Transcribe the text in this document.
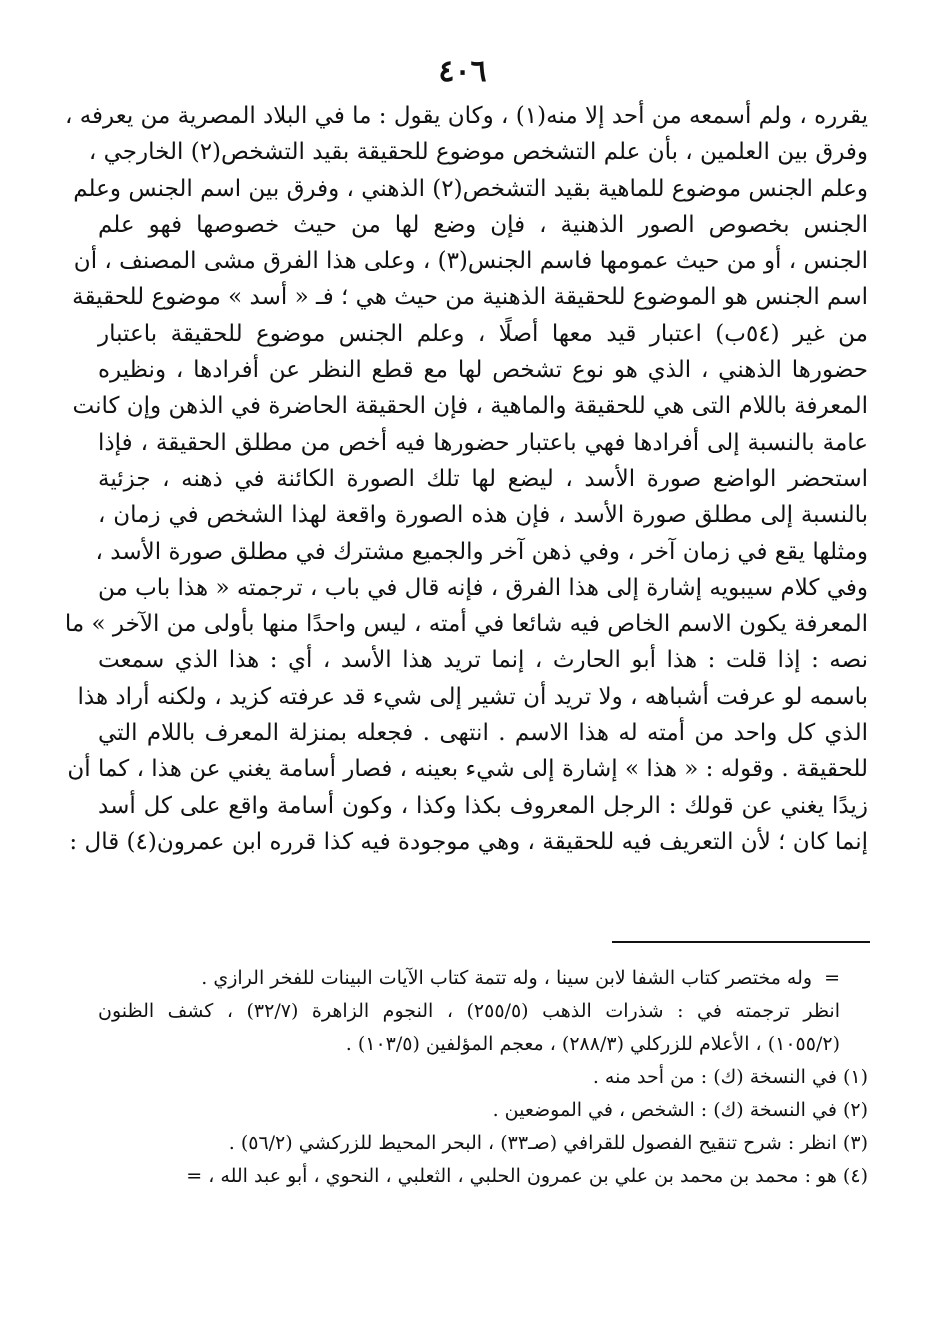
٤٠٦
يقرره ، ولم أسمعه من أحد إلا منه(١) ، وكان يقول : ما في البلاد المصرية من يعرفه ،
وفرق بين العلمين ، بأن علم التشخص موضوع للحقيقة بقيد التشخص(٢) الخارجي ،
وعلم الجنس موضوع للماهية بقيد التشخص(٢) الذهني ، وفرق بين اسم الجنس وعلم
الجنس بخصوص الصور الذهنية ، فإن وضع لها من حيث خصوصها فهو علم
الجنس ، أو من حيث عمومها فاسم الجنس(٣) ، وعلى هذا الفرق مشى المصنف ، أن
اسم الجنس هو الموضوع للحقيقة الذهنية من حيث هي ؛ فـ « أسد » موضوع للحقيقة
من غير (٥٤ب) اعتبار قيد معها أصلًا ، وعلم الجنس موضوع للحقيقة باعتبار
حضورها الذهني ، الذي هو نوع تشخص لها مع قطع النظر عن أفرادها ، ونظيره
المعرفة باللام التى هي للحقيقة والماهية ، فإن الحقيقة الحاضرة في الذهن وإن كانت
عامة بالنسبة إلى أفرادها فهي باعتبار حضورها فيه أخص من مطلق الحقيقة ، فإذا
استحضر الواضع صورة الأسد ، ليضع لها تلك الصورة الكائنة في ذهنه ، جزئية
بالنسبة إلى مطلق صورة الأسد ، فإن هذه الصورة واقعة لهذا الشخص في زمان ،
ومثلها يقع في زمان آخر ، وفي ذهن آخر والجميع مشترك في مطلق صورة الأسد ،
وفي كلام سيبويه إشارة إلى هذا الفرق ، فإنه قال في باب ، ترجمته « هذا باب من
المعرفة يكون الاسم الخاص فيه شائعا في أمته ، ليس واحدًا منها بأولى من الآخر » ما
نصه : إذا قلت : هذا أبو الحارث ، إنما تريد هذا الأسد ، أي : هذا الذي سمعت
باسمه لو عرفت أشباهه ، ولا تريد أن تشير إلى شيء قد عرفته كزيد ، ولكنه أراد هذا
الذي كل واحد من أمته له هذا الاسم . انتهى . فجعله بمنزلة المعرف باللام التي
للحقيقة . وقوله : « هذا » إشارة إلى شيء بعينه ، فصار أسامة يغني عن هذا ، كما أن
زيدًا يغني عن قولك : الرجل المعروف بكذا وكذا ، وكون أسامة واقع على كل أسد
إنما كان ؛ لأن التعريف فيه للحقيقة ، وهي موجودة فيه كذا قرره ابن عمرون(٤) قال :
=وله مختصر كتاب الشفا لابن سينا ، وله تتمة كتاب الآيات البينات للفخر الرازي .
انظر ترجمته في : شذرات الذهب (٢٥٥/٥) ، النجوم الزاهرة (٣٢/٧) ، كشف الظنون
(١٠٥٥/٢) ، الأعلام للزركلي (٢٨٨/٣) ، معجم المؤلفين (١٠٣/٥) .
(١) في النسخة (ك) : من أحد منه .
(٢) في النسخة (ك) : الشخص ، في الموضعين .
(٣) انظر : شرح تنقيح الفصول للقرافي (صـ٣٣) ، البحر المحيط للزركشي (٥٦/٢) .
(٤) هو : محمد بن محمد بن علي بن عمرون الحلبي ، الثعلبي ، النحوي ، أبو عبد الله ، =
